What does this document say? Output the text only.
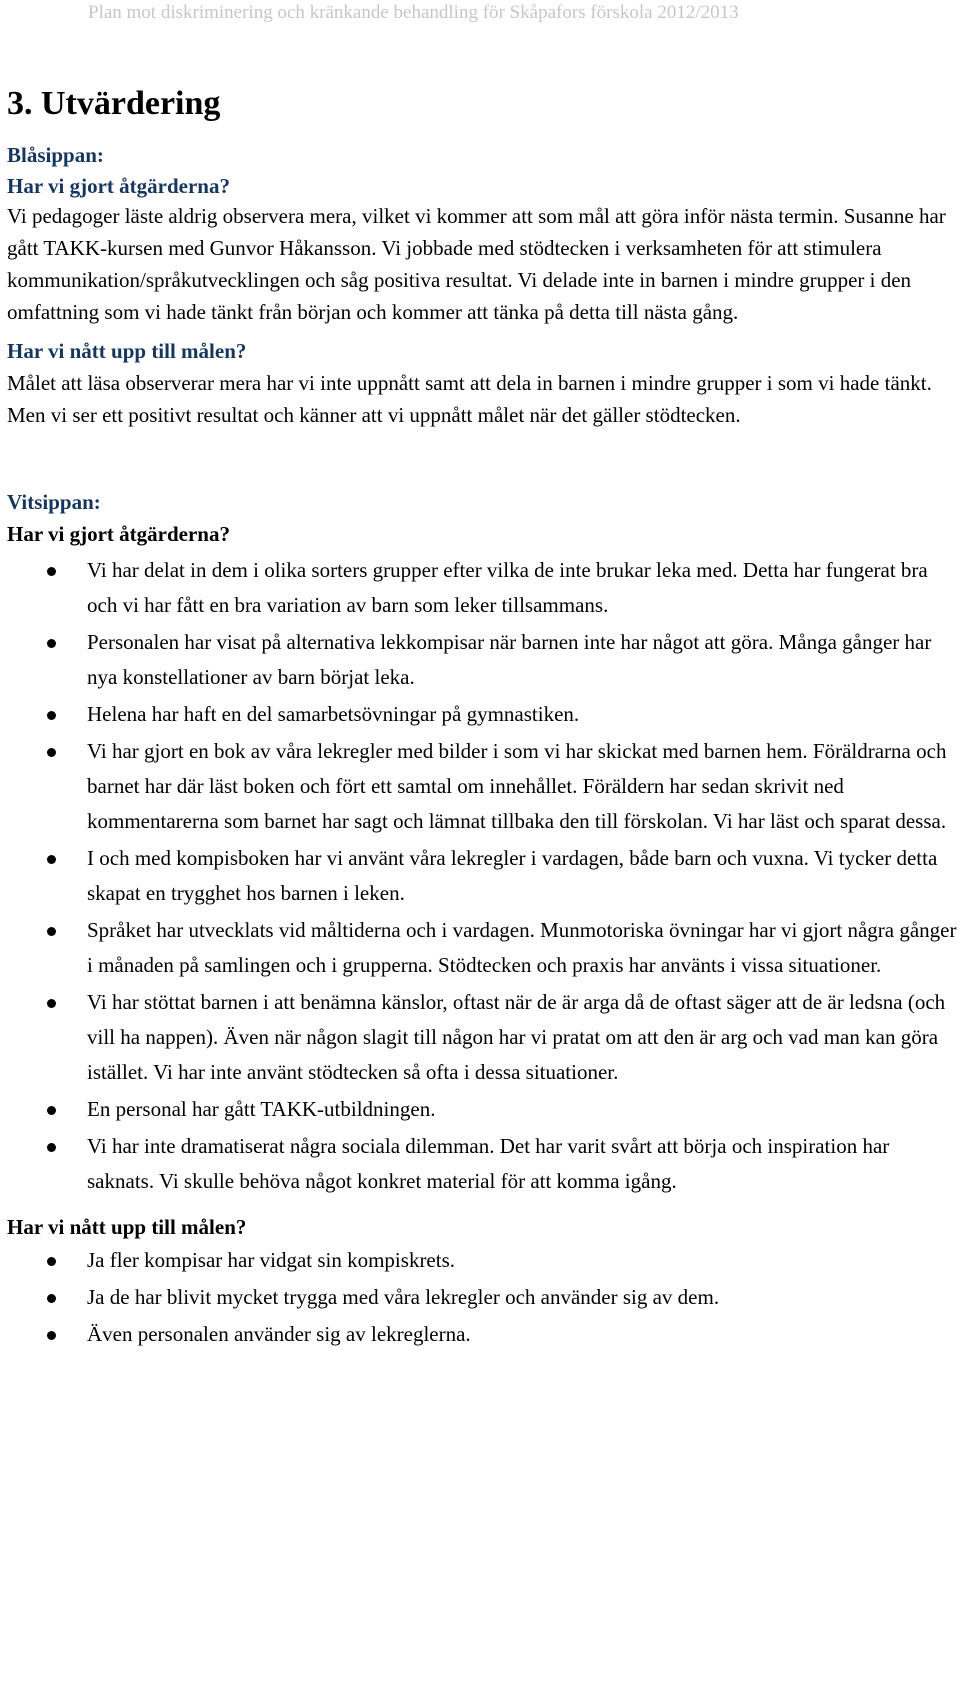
Plan mot diskriminering och kränkande behandling för Skåpafors förskola 2012/2013
3. Utvärdering

Blåsippan:

Har vi gjort åtgärderna?

Vi pedagoger läste aldrig observera mera, vilket vi kommer att som mål att göra inför nästa termin. Susanne har gått TAKK-kursen med Gunvor Håkansson. Vi jobbade med stödtecken i verksamheten för att stimulera kommunikation/språkutvecklingen och såg positiva resultat. Vi delade inte in barnen i mindre grupper i den omfattning som vi hade tänkt från början och kommer att tänka på detta till nästa gång.

Har vi nått upp till målen?

Målet att läsa observerar mera har vi inte uppnått samt att dela in barnen i mindre grupper i som vi hade tänkt. Men vi ser ett positivt resultat och känner att vi uppnått målet när det gäller stödtecken.

Vitsippan:

Har vi gjort åtgärderna?

Vi har delat in dem i olika sorters grupper efter vilka de inte brukar leka med. Detta har fungerat bra och vi har fått en bra variation av barn som leker tillsammans.
Personalen har visat på alternativa lekkompisar när barnen inte har något att göra. Många gånger har nya konstellationer av barn börjat leka.
Helena har haft en del samarbetsövningar på gymnastiken.
Vi har gjort en bok av våra lekregler med bilder i som vi har skickat med barnen hem. Föräldrarna och barnet har där läst boken och fört ett samtal om innehållet. Föräldern har sedan skrivit ned kommentarerna som barnet har sagt och lämnat tillbaka den till förskolan. Vi har läst och sparat dessa.
I och med kompisboken har vi använt våra lekregler i vardagen, både barn och vuxna. Vi tycker detta skapat en trygghet hos barnen i leken.
Språket har utvecklats vid måltiderna och i vardagen. Munmotoriska övningar har vi gjort några gånger i månaden på samlingen och i grupperna. Stödtecken och praxis har använts i vissa situationer.
Vi har stöttat barnen i att benämna känslor, oftast när de är arga då de oftast säger att de är ledsna (och vill ha nappen). Även när någon slagit till någon har vi pratat om att den är arg och vad man kan göra istället. Vi har inte använt stödtecken så ofta i dessa situationer.
En personal har gått TAKK-utbildningen.
Vi har inte dramatiserat några sociala dilemman. Det har varit svårt att börja och inspiration har saknats. Vi skulle behöva något konkret material för att komma igång.

Har vi nått upp till målen?

Ja fler kompisar har vidgat sin kompiskrets.
Ja de har blivit mycket trygga med våra lekregler och använder sig av dem.
Även personalen använder sig av lekreglerna.
